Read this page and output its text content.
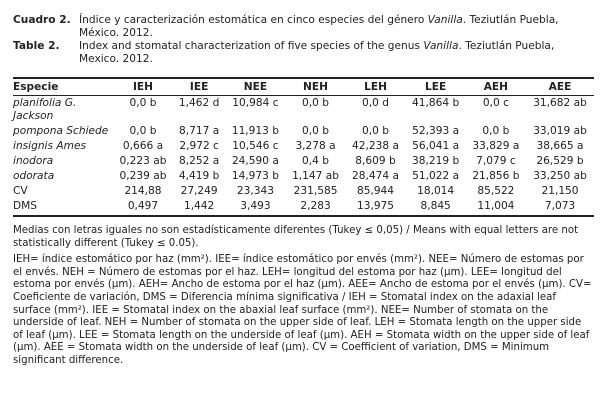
Cuadro 2. Índice y caracterización estomática en cinco especies del género Vanilla. Teziutlán Puebla, México. 2012.
Table 2.	Index and stomatal characterization of five species of the genus Vanilla. Teziutlán Puebla, Mexico. 2012.
Especie	IEH	IEE	NEE	NEH	LEH	LEE	AEH	AEE
planifolia G. Jackson	0,0 b	1,462 d	10,984 c	0,0 b	0,0 d	41,864 b	0,0 c	31,682 ab
pompona Schiede	0,0 b	8,717 a	11,913 b	0,0 b	0,0 b	52,393 a	0,0 b	33,019 ab
insignis Ames	0,666 a	2,972 c	10,546 c	3,278 a	42,238 a	56,041 a	33,829 a	38,665 a
inodora	0,223 ab	8,252 a	24,590 a	0,4 b	8,609 b	38,219 b	7,079 c	26,529 b
odorata	0,239 ab	4,419 b	14,973 b	1,147 ab	28,474 a	51,022 a	21,856 b	33,250 ab
CV	214,88	27,249	23,343	231,585	85,944	18,014	85,522	21,150
DMS	0,497	1,442	3,493	2,283	13,975	8,845	11,004	7,073

Medias con letras iguales no son estadísticamente diferentes (Tukey ≤ 0,05) / Means with equal letters are not statistically different (Tukey ≤ 0.05).

IEH= índice estomático por haz (mm²). IEE= índice estomático por envés (mm²). NEE= Número de estomas por el envés. NEH = Número de estomas por el haz. LEH= longitud del estoma por haz (µm). LEE= longitud del estoma por envés (µm). AEH= Ancho de estoma por el haz (µm). AEE= Ancho de estoma por el envés (µm). CV= Coeficiente de variación, DMS = Diferencia mínima significativa / IEH = Stomatal index on the adaxial leaf surface (mm²). IEE = Stomatal index on the abaxial leaf surface (mm²). NEE= Number of stomata on the underside of leaf. NEH = Number of stomata on the upper side of leaf. LEH = Stomata length on the upper side of leaf (µm). LEE = Stomata length on the underside of leaf (µm). AEH = Stomata width on the upper side of leaf (µm). AEE = Stomata width on the underside of leaf (µm). CV = Coefficient of variation, DMS = Minimum significant difference.
